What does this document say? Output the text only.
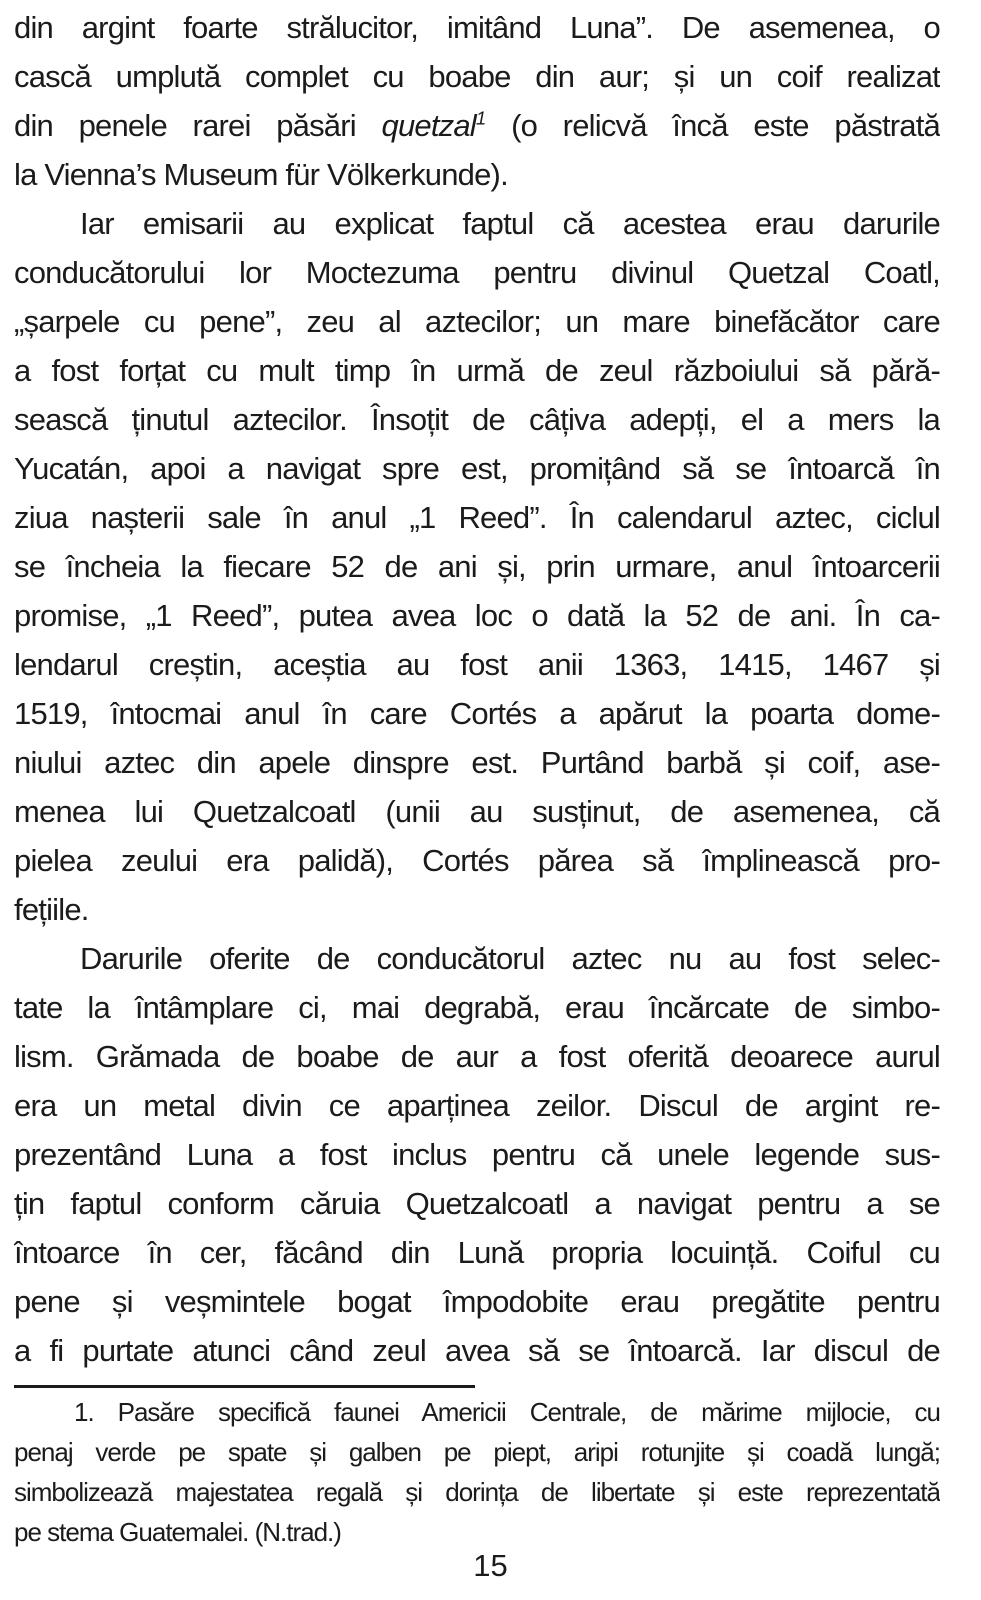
din argint foarte strălucitor, imitând Luna”. De asemenea, o
cască umplută complet cu boabe din aur; și un coif realizat
din penele rarei păsări quetzal$^1$ (o relicvă încă este păstrată
la Vienna’s Museum für Völkerkunde).
Iar emisarii au explicat faptul că acestea erau darurile
conducătorului lor Moctezuma pentru divinul Quetzal Coatl,
„șarpele cu pene”, zeu al aztecilor; un mare binefăcător care
a fost forțat cu mult timp în urmă de zeul războiului să pără-
sească ținutul aztecilor. Însoțit de câțiva adepți, el a mers la
Yucatán, apoi a navigat spre est, promițând să se întoarcă în
ziua nașterii sale în anul „1 Reed”. În calendarul aztec, ciclul
se încheia la fiecare 52 de ani și, prin urmare, anul întoarcerii
promise, „1 Reed”, putea avea loc o dată la 52 de ani. În ca-
lendarul creștin, aceștia au fost anii 1363, 1415, 1467 și
1519, întocmai anul în care Cortés a apărut la poarta dome-
niului aztec din apele dinspre est. Purtând barbă și coif, ase-
menea lui Quetzalcoatl (unii au susținut, de asemenea, că
pielea zeului era palidă), Cortés părea să împlinească pro-
fețiile.
Darurile oferite de conducătorul aztec nu au fost selec-
tate la întâmplare ci, mai degrabă, erau încărcate de simbo-
lism. Grămada de boabe de aur a fost oferită deoarece aurul
era un metal divin ce aparținea zeilor. Discul de argint re-
prezentând Luna a fost inclus pentru că unele legende sus-
țin faptul conform căruia Quetzalcoatl a navigat pentru a se
întoarce în cer, făcând din Lună propria locuință. Coiful cu
pene și veșmintele bogat împodobite erau pregătite pentru
a fi purtate atunci când zeul avea să se întoarcă. Iar discul de
1. Pasăre specifică faunei Americii Centrale, de mărime mijlocie, cu
penaj verde pe spate și galben pe piept, aripi rotunjite și coadă lungă;
simbolizează majestatea regală și dorința de libertate și este reprezentată
pe stema Guatemalei. (N.trad.)
15
